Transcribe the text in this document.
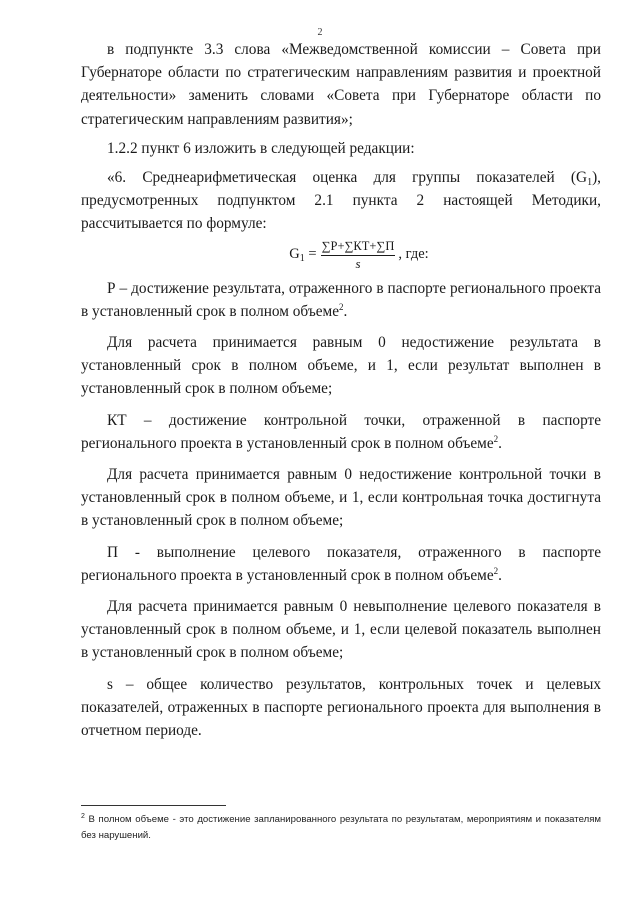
2

в подпункте 3.3 слова «Межведомственной комиссии – Совета при Губернаторе области по стратегическим направлениям развития и проектной деятельности» заменить словами «Совета при Губернаторе области по стратегическим направлениям развития»;

1.2.2 пункт 6 изложить в следующей редакции:

«6. Среднеарифметическая оценка для группы показателей $(G_1)$, предусмотренных подпунктом 2.1 пункта 2 настоящей Методики, рассчитывается по формуле:

$G_1 = \frac{\sum Р+\sum КТ+\sum П}{s}$ , где:

Р – достижение результата, отраженного в паспорте регионального проекта в установленный срок в полном объеме$^2$.

Для расчета принимается равным 0 недостижение результата в установленный срок в полном объеме, и 1, если результат выполнен в установленный срок в полном объеме;

КТ – достижение контрольной точки, отраженной в паспорте регионального проекта в установленный срок в полном объеме$^2$.

Для расчета принимается равным 0 недостижение контрольной точки в установленный срок в полном объеме, и 1, если контрольная точка достигнута в установленный срок в полном объеме;

П - выполнение целевого показателя, отраженного в паспорте регионального проекта в установленный срок в полном объеме$^2$.

Для расчета принимается равным 0 невыполнение целевого показателя в установленный срок в полном объеме, и 1, если целевой показатель выполнен в установленный срок в полном объеме;

s – общее количество результатов, контрольных точек и целевых показателей, отраженных в паспорте регионального проекта для выполнения в отчетном периоде.

$^2$ В полном объеме - это достижение запланированного результата по результатам, мероприятиям и показателям без нарушений.
